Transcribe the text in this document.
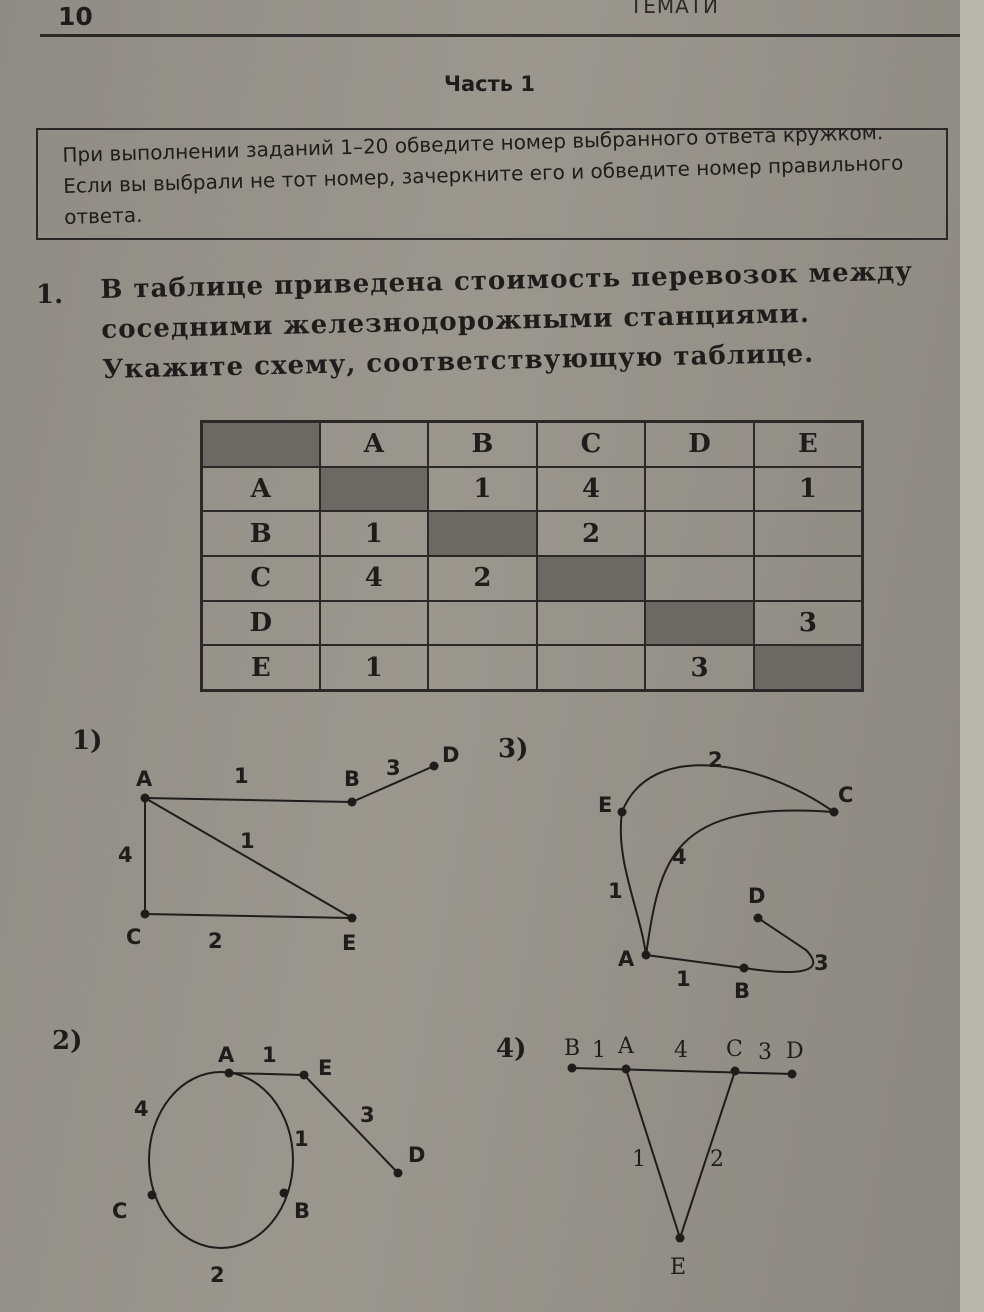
10	ТЕМАТИ
Часть 1

При выполнении заданий 1–20 обведите номер выбранного ответа кружком. Если вы выбрали не тот номер, зачеркните его и обведите номер правильного ответа.

1. В таблице приведена стоимость перевозок между соседними железнодорожными станциями. Укажите схему, соответствующую таблице.

	A	B	C	D	E
A		1	4		1
B	1		2		
C	4	2			
D					3
E	1			3	
1)	3)
2)	4)
A	B
D
C	E
1	3
4
1
2
E	C
A
B
D
2
4
1
1
3
A
E
D
C	B
1
3
4
1
2
B A	C D
E
1	4	3
1	2
